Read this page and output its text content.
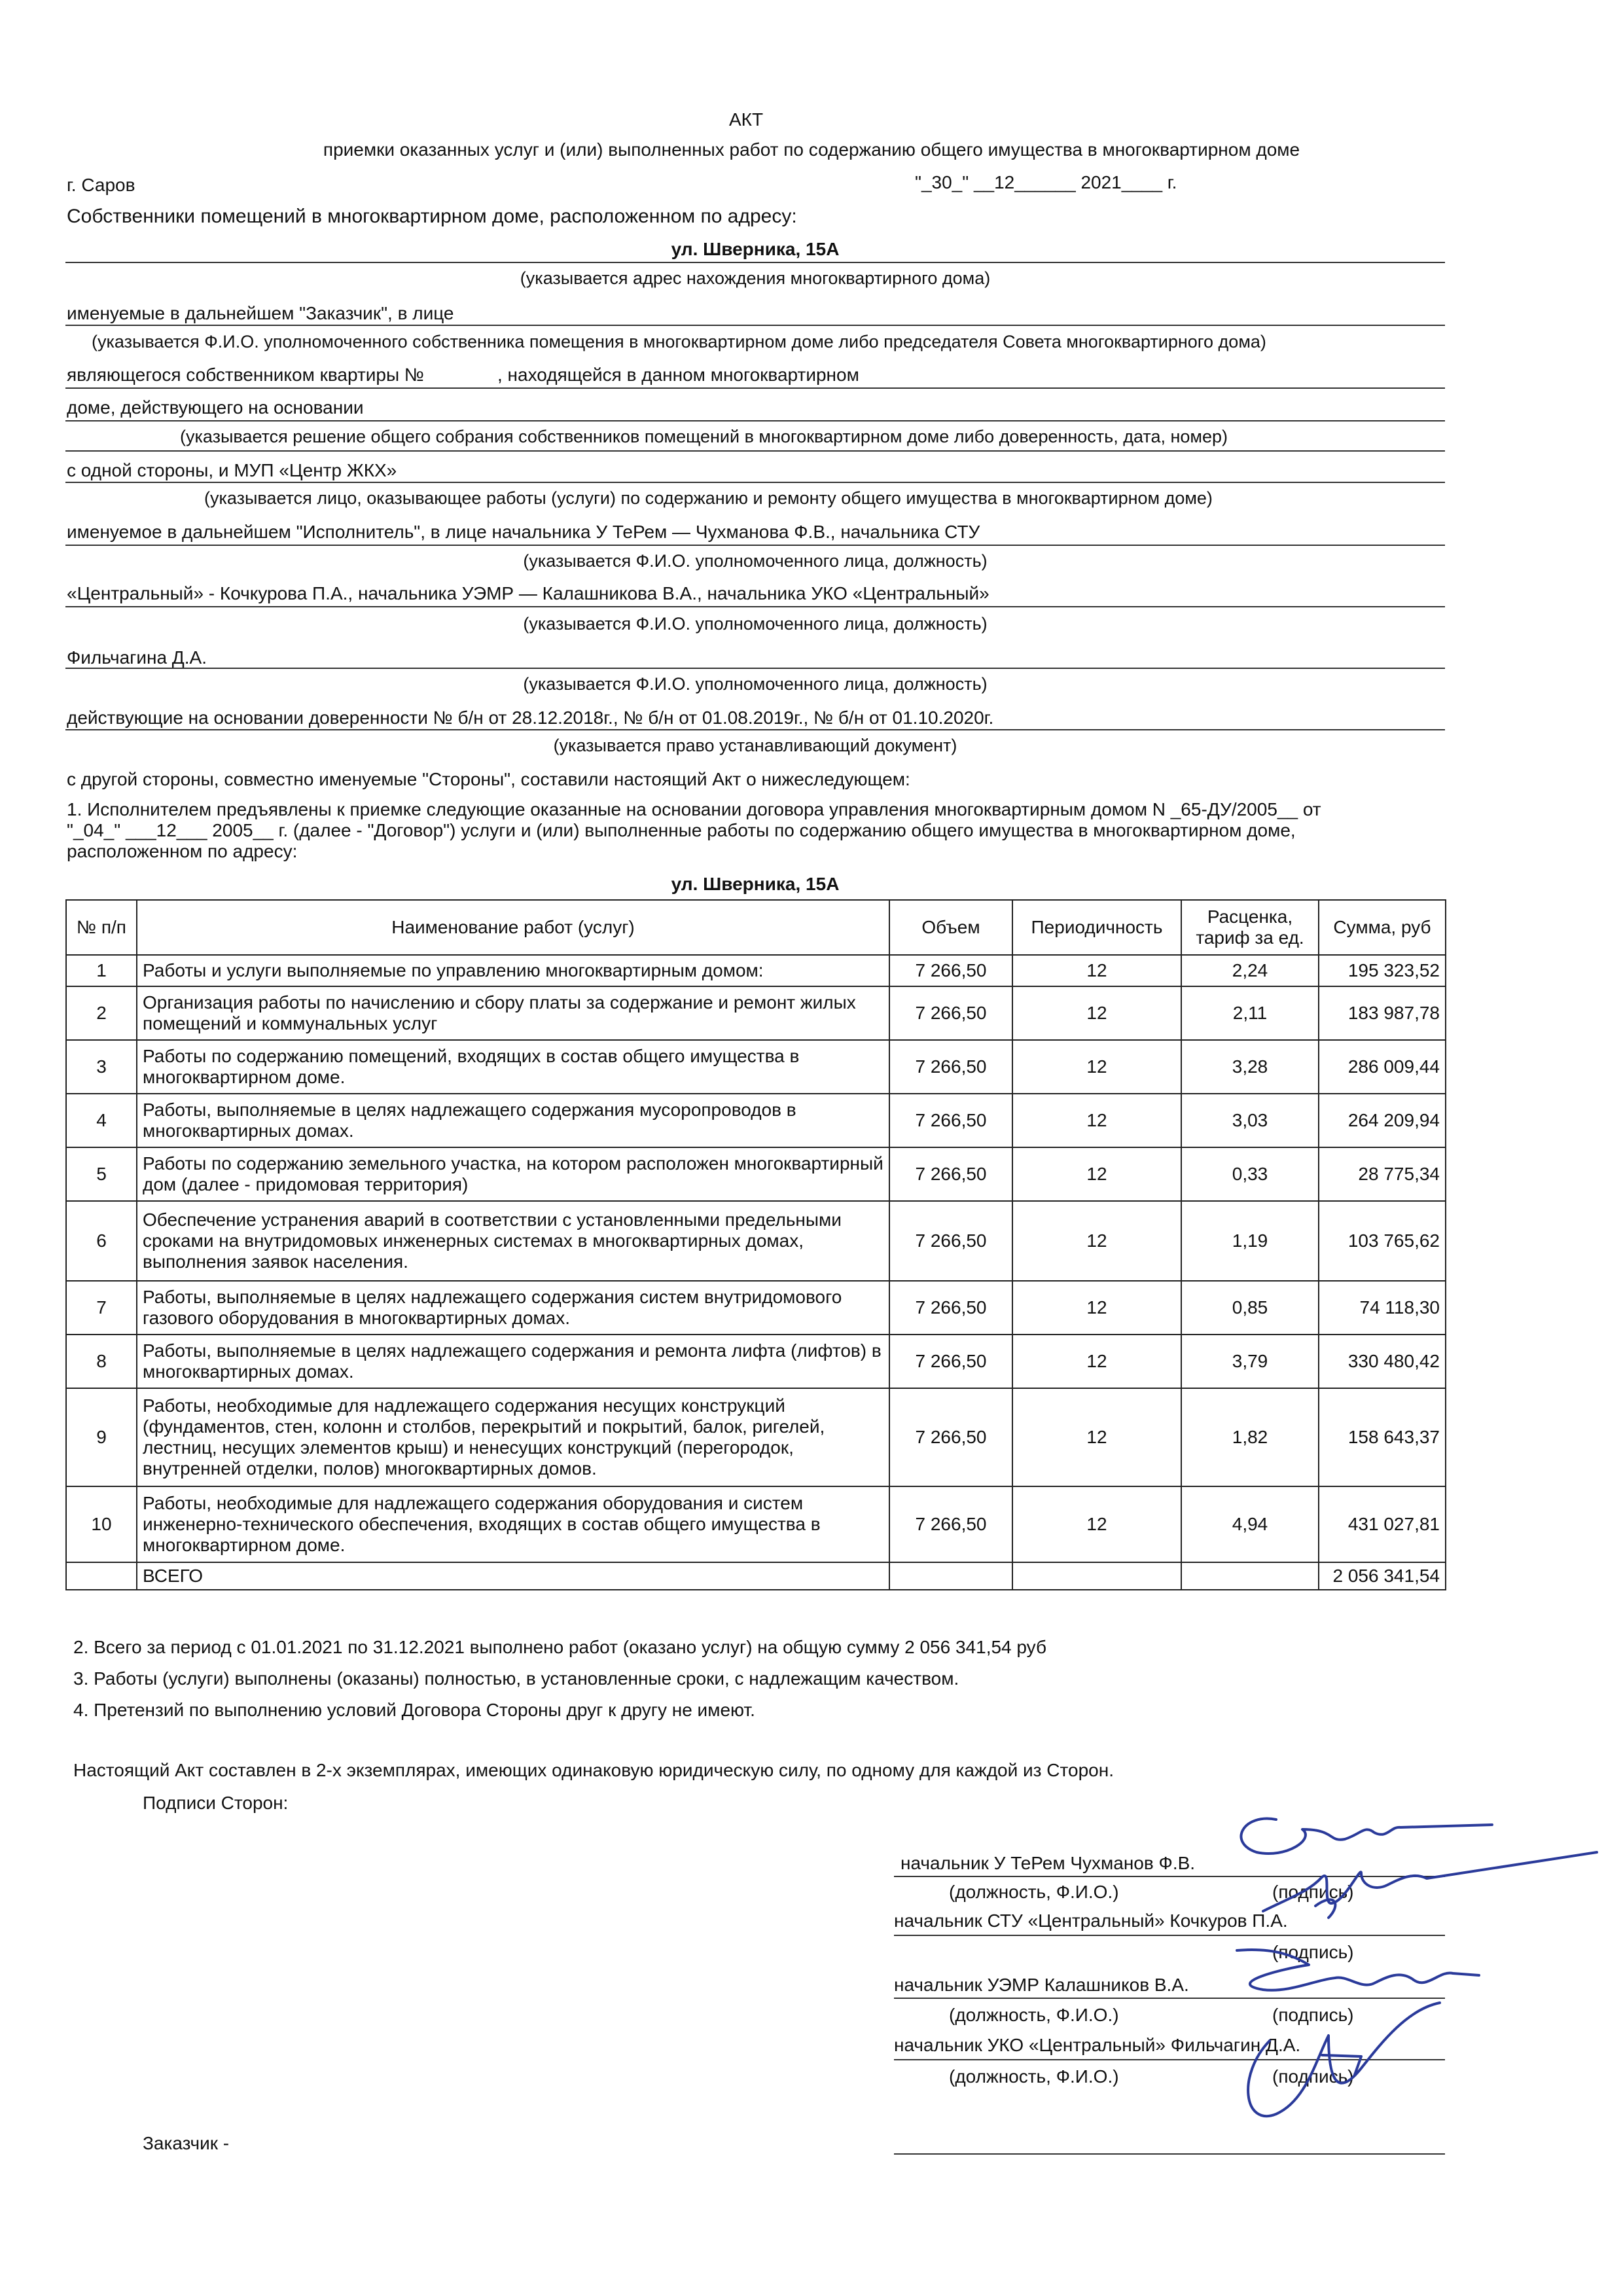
АКТ
приемки оказанных услуг и (или) выполненных работ по содержанию общего имущества в многоквартирном доме
г. Саров	"_30_" __12______ 2021____ г.
Собственники помещений в многоквартирном доме, расположенном по адресу:
ул. Шверника, 15А
(указывается адрес нахождения многоквартирного дома)
именуемые в дальнейшем "Заказчик", в лице
(указывается Ф.И.О. уполномоченного собственника помещения в многоквартирном доме либо председателя Совета многоквартирного дома)
являющегося собственником квартиры №	, находящейся в данном многоквартирном
доме, действующего на основании
(указывается решение общего собрания собственников помещений в многоквартирном доме либо доверенность, дата, номер)
с одной стороны, и МУП «Центр ЖКХ»
(указывается лицо, оказывающее работы (услуги) по содержанию и ремонту общего имущества в многоквартирном доме)
именуемое в дальнейшем "Исполнитель", в лице начальника У ТеРем — Чухманова Ф.В., начальника СТУ
(указывается Ф.И.О. уполномоченного лица, должность)
«Центральный» - Кочкурова П.А., начальника УЭМР — Калашникова В.А., начальника УКО «Центральный»
(указывается Ф.И.О. уполномоченного лица, должность)
Фильчагина Д.А.
(указывается Ф.И.О. уполномоченного лица, должность)
действующие на основании доверенности № б/н от 28.12.2018г., № б/н от 01.08.2019г., № б/н от 01.10.2020г.
(указывается право устанавливающий документ)
с другой стороны, совместно именуемые "Стороны", составили настоящий Акт о нижеследующем:
1. Исполнителем предъявлены к приемке следующие оказанные на основании договора управления многоквартирным домом N _65-ДУ/2005__ от
"_04_" ___12___ 2005__ г. (далее - "Договор") услуги и (или) выполненные работы по содержанию общего имущества в многоквартирном доме,
расположенном по адресу:
ул. Шверника, 15А
№ п/п	Наименование работ (услуг)	Объем	Периодичность	Расценка, тариф за ед.	Сумма, руб
1	Работы и услуги выполняемые по управлению многоквартирным домом:	7 266,50	12	2,24	195 323,52
2	Организация работы по начислению и сбору платы за содержание и ремонт жилых помещений и коммунальных услуг	7 266,50	12	2,11	183 987,78
3	Работы по содержанию помещений, входящих в состав общего имущества в многоквартирном доме.	7 266,50	12	3,28	286 009,44
4	Работы, выполняемые в целях надлежащего содержания мусоропроводов в многоквартирных домах.	7 266,50	12	3,03	264 209,94
5	Работы по содержанию земельного участка, на котором расположен многоквартирный дом (далее - придомовая территория)	7 266,50	12	0,33	28 775,34
6	Обеспечение устранения аварий в соответствии с установленными предельными сроками на внутридомовых инженерных системах в многоквартирных домах, выполнения заявок населения.	7 266,50	12	1,19	103 765,62
7	Работы, выполняемые в целях надлежащего содержания систем внутридомового газового оборудования в многоквартирных домах.	7 266,50	12	0,85	74 118,30
8	Работы, выполняемые в целях надлежащего содержания и ремонта лифта (лифтов) в многоквартирных домах.	7 266,50	12	3,79	330 480,42
9	Работы, необходимые для надлежащего содержания несущих конструкций (фундаментов, стен, колонн и столбов, перекрытий и покрытий, балок, ригелей, лестниц, несущих элементов крыш) и ненесущих конструкций (перегородок, внутренней отделки, полов) многоквартирных домов.	7 266,50	12	1,82	158 643,37
10	Работы, необходимые для надлежащего содержания оборудования и систем инженерно-технического обеспечения, входящих в состав общего имущества в многоквартирном доме.	7 266,50	12	4,94	431 027,81
	ВСЕГО				2 056 341,54
2. Всего за период с 01.01.2021 по 31.12.2021 выполнено работ (оказано услуг) на общую сумму 2 056 341,54 руб
3. Работы (услуги) выполнены (оказаны) полностью, в установленные сроки, с надлежащим качеством.
4. Претензий по выполнению условий Договора Стороны друг к другу не имеют.
Настоящий Акт составлен в 2-х экземплярах, имеющих одинаковую юридическую силу, по одному для каждой из Сторон.
Подписи Сторон:
начальник У ТеРем Чухманов Ф.В.
(должность, Ф.И.О.)	(подпись)
начальник СТУ «Центральный» Кочкуров П.А.
(подпись)
начальник УЭМР Калашников В.А.
(должность, Ф.И.О.)	(подпись)
начальник УКО «Центральный» Фильчагин Д.А.
(должность, Ф.И.О.)	(подпись)
Заказчик -
